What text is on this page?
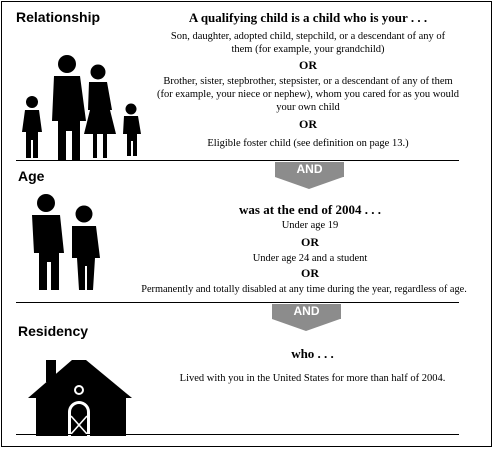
Relationship	A qualifying child is a child who is your . . .
Son, daughter, adopted child, stepchild, or a descendant of any of them (for example, your grandchild)
OR
Brother, sister, stepbrother, stepsister, or a descendant of any of them (for example, your niece or nephew), whom you cared for as you would your own child
OR
Eligible foster child (see definition on page 13.)
AND
Age
was at the end of 2004 . . .
Under age 19
OR
Under age 24 and a student
OR
Permanently and totally disabled at any time during the year, regardless of age.
AND
Residency
who . . .
Lived with you in the United States for more than half of 2004.
